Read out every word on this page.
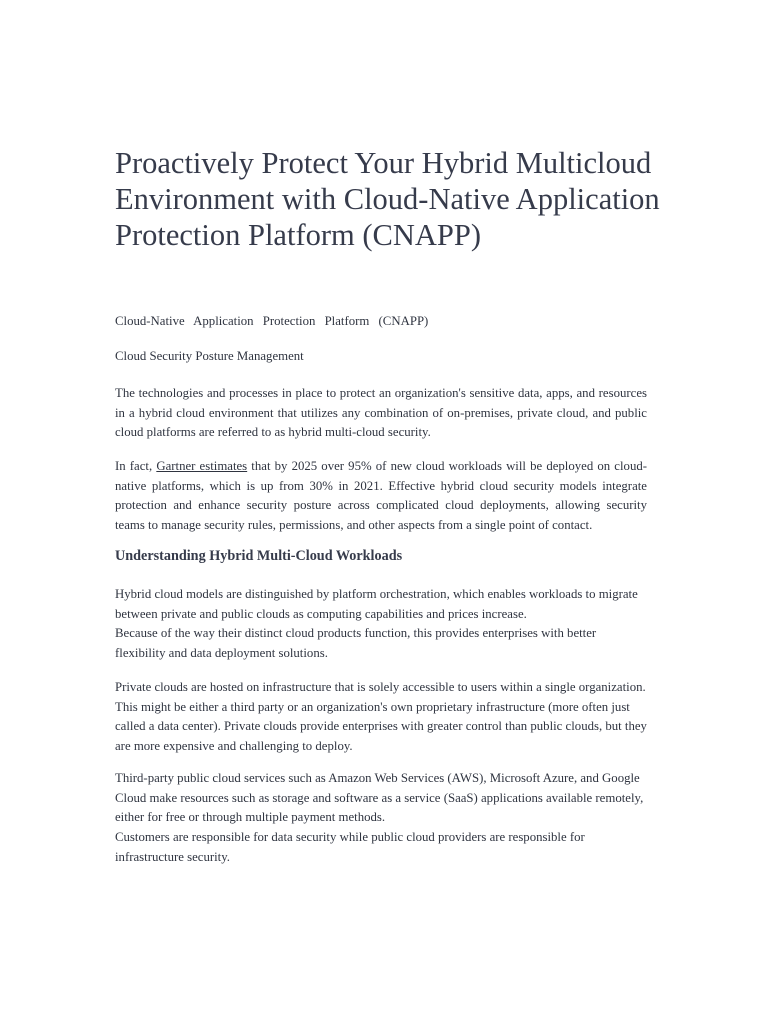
Proactively Protect Your Hybrid Multicloud Environment with Cloud-Native Application Protection Platform (CNAPP)

Cloud-Native Application Protection Platform (CNAPP)

Cloud Security Posture Management

The technologies and processes in place to protect an organization's sensitive data, apps, and resources in a hybrid cloud environment that utilizes any combination of on-premises, private cloud, and public cloud platforms are referred to as hybrid multi-cloud security.

In fact, Gartner estimates that by 2025 over 95% of new cloud workloads will be deployed on cloud-native platforms, which is up from 30% in 2021. Effective hybrid cloud security models integrate protection and enhance security posture across complicated cloud deployments, allowing security teams to manage security rules, permissions, and other aspects from a single point of contact.

Understanding Hybrid Multi-Cloud Workloads

Hybrid cloud models are distinguished by platform orchestration, which enables workloads to migrate between private and public clouds as computing capabilities and prices increase.

Because of the way their distinct cloud products function, this provides enterprises with better flexibility and data deployment solutions.

Private clouds are hosted on infrastructure that is solely accessible to users within a single organization. This might be either a third party or an organization's own proprietary infrastructure (more often just called a data center). Private clouds provide enterprises with greater control than public clouds, but they are more expensive and challenging to deploy.

Third-party public cloud services such as Amazon Web Services (AWS), Microsoft Azure, and Google Cloud make resources such as storage and software as a service (SaaS) applications available remotely, either for free or through multiple payment methods.

Customers are responsible for data security while public cloud providers are responsible for infrastructure security.
